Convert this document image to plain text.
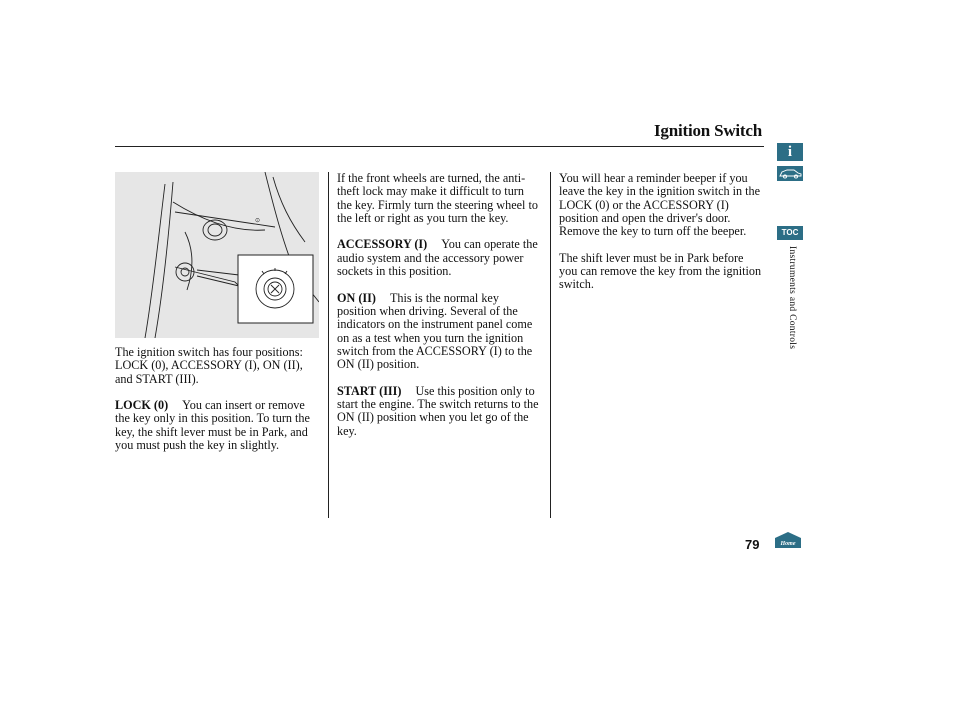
Ignition Switch
⊙

The ignition switch has four positions: LOCK (0), ACCESSORY (I), ON (II), and START (III).

LOCK (0) You can insert or remove the key only in this position. To turn the key, the shift lever must be in Park, and you must push the key in slightly.

If the front wheels are turned, the anti-theft lock may make it difficult to turn the key. Firmly turn the steering wheel to the left or right as you turn the key.

ACCESSORY (I) You can operate the audio system and the accessory power sockets in this position.

ON (II) This is the normal key position when driving. Several of the indicators on the instrument panel come on as a test when you turn the ignition switch from the ACCESSORY (I) to the ON (II) position.

START (III) Use this position only to start the engine. The switch returns to the ON (II) position when you let go of the key.

You will hear a reminder beeper if you leave the key in the ignition switch in the LOCK (0) or the ACCESSORY (I) position and open the driver's door. Remove the key to turn off the beeper.

The shift lever must be in Park before you can remove the key from the ignition switch.

i
TOC
Instruments and Controls
79	Home
